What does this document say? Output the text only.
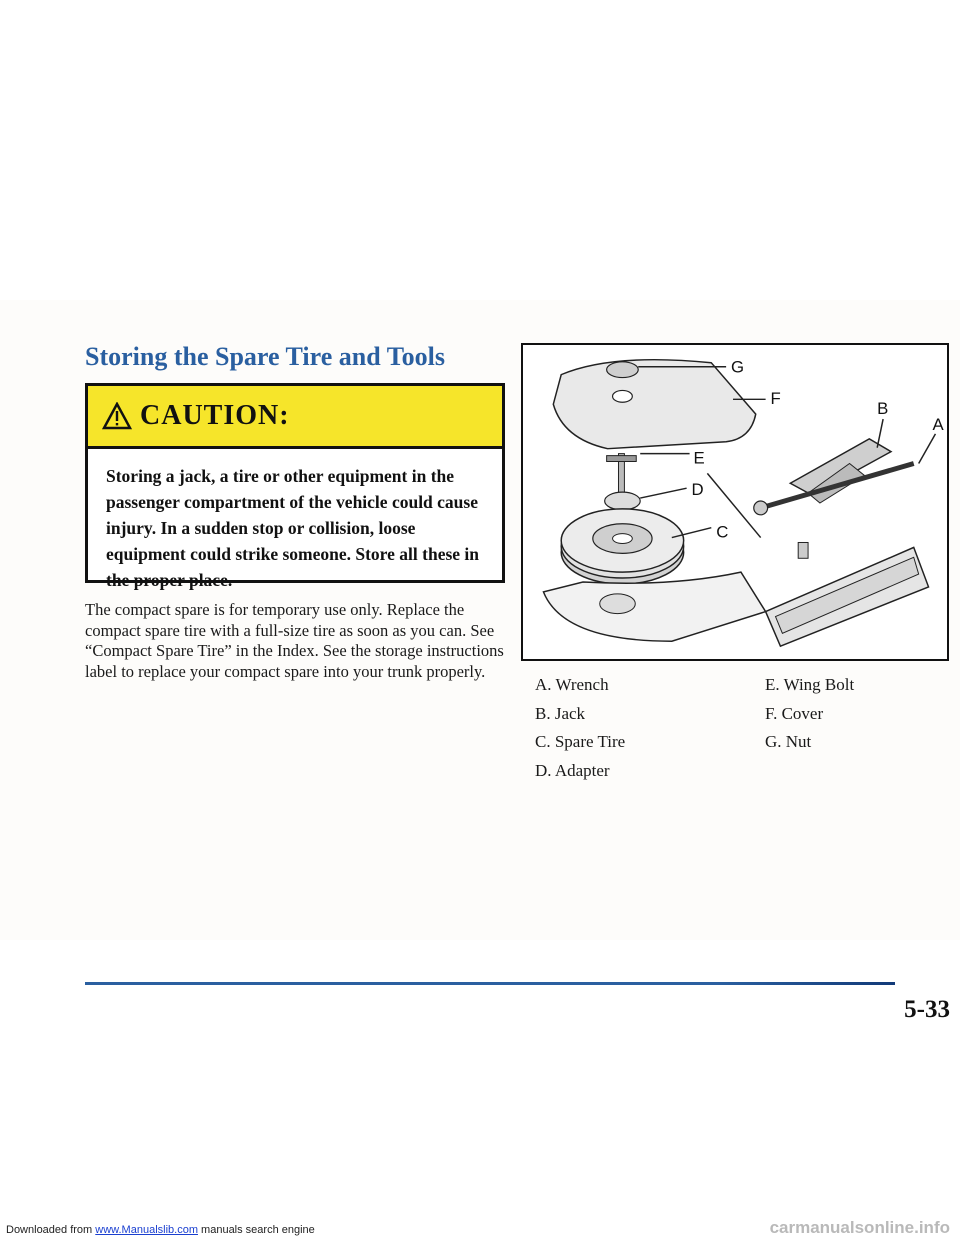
Storing the Spare Tire and Tools
CAUTION:
Storing a jack, a tire or other equipment in the passenger compartment of the vehicle could cause injury. In a sudden stop or collision, loose equipment could strike someone. Store all these in the proper place.
The compact spare is for temporary use only. Replace the compact spare tire with a full-size tire as soon as you can. See “Compact Spare Tire” in the Index. See the storage instructions label to replace your compact spare into your trunk properly.
G
F
B
A
E
D
C
A. Wrench
B. Jack
C. Spare Tire
D. Adapter
E. Wing Bolt
F. Cover
G. Nut
5-33
Downloaded from www.Manualslib.com manuals search engine	carmanualsonline.info
